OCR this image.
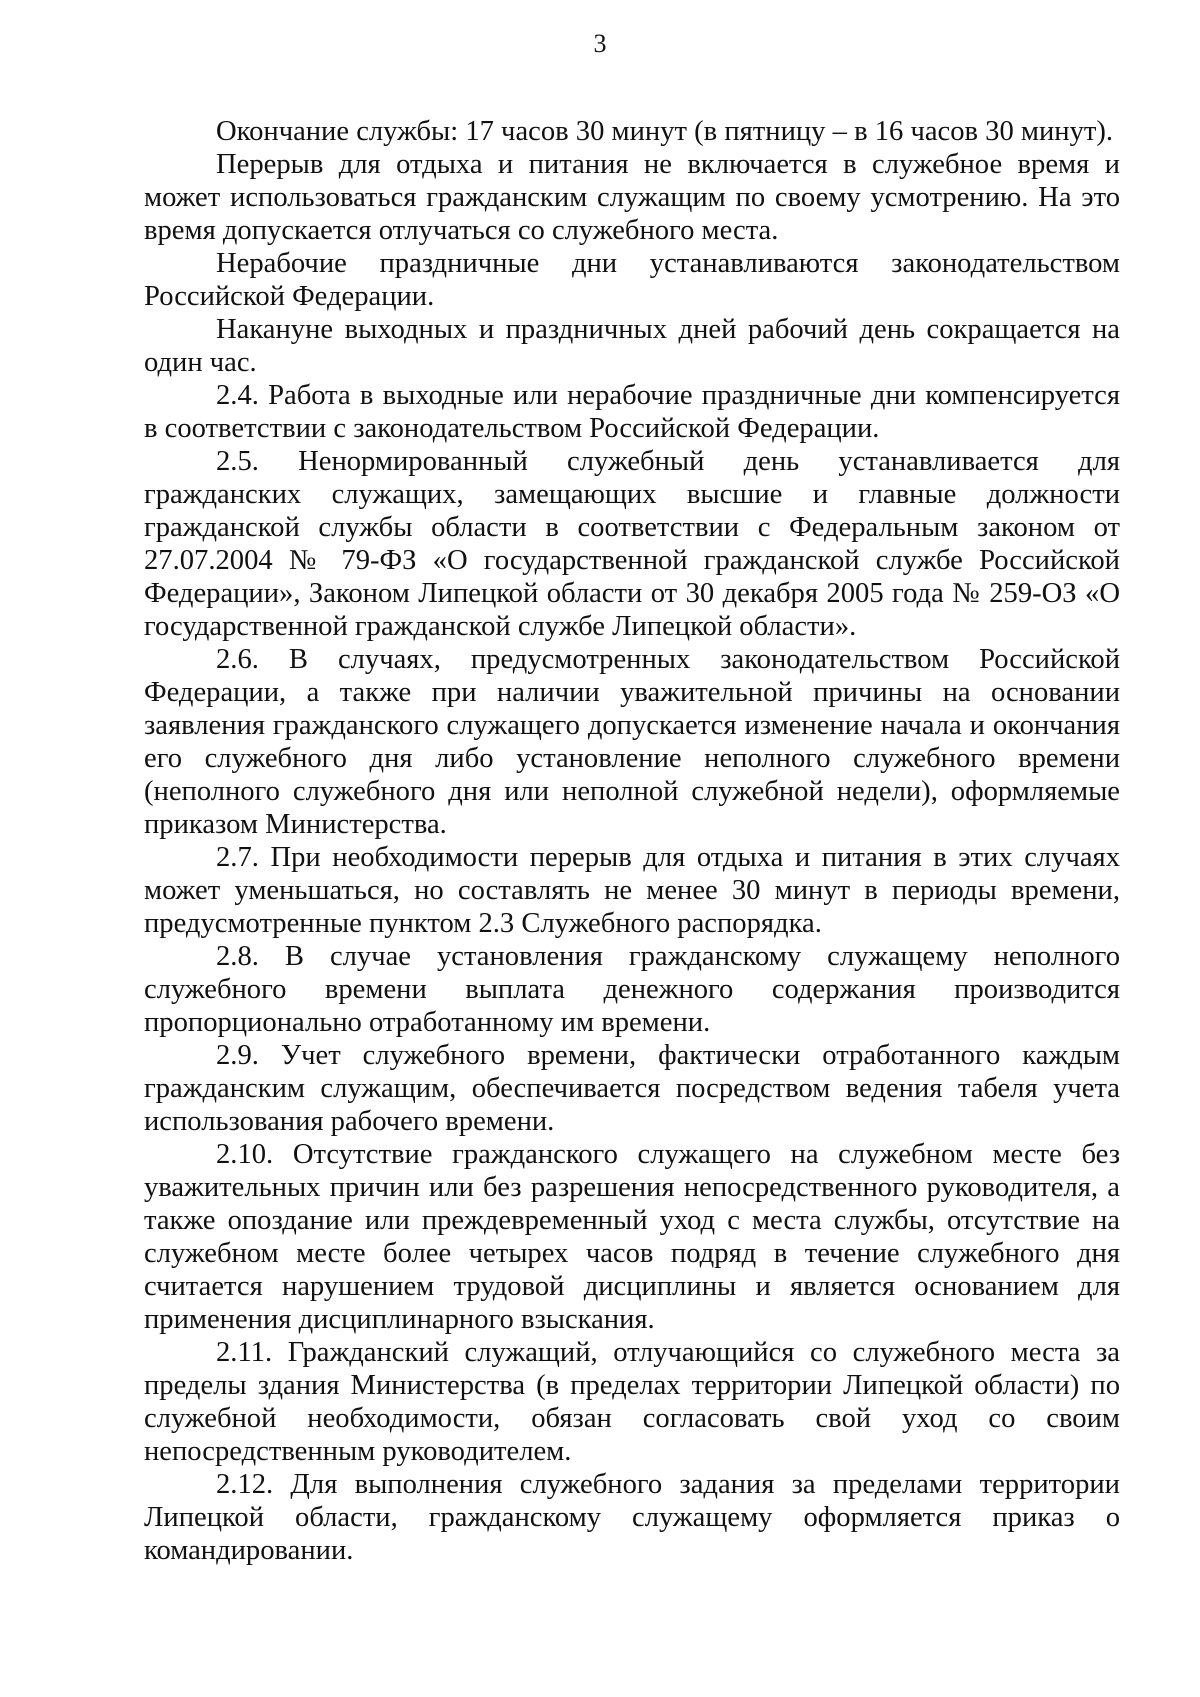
3

Окончание службы: 17 часов 30 минут (в пятницу – в 16 часов 30 минут).

Перерыв для отдыха и питания не включается в служебное время и может использоваться гражданским служащим по своему усмотрению. На это время допускается отлучаться со служебного места.

Нерабочие праздничные дни устанавливаются законодательством Российской Федерации.

Накануне выходных и праздничных дней рабочий день сокращается на один час.

2.4. Работа в выходные или нерабочие праздничные дни компенсируется в соответствии с законодательством Российской Федерации.

2.5. Ненормированный служебный день устанавливается для гражданских служащих, замещающих высшие и главные должности гражданской службы области в соответствии с Федеральным законом от 27.07.2004 № 79-ФЗ «О государственной гражданской службе Российской Федерации», Законом Липецкой области от 30 декабря 2005 года № 259-ОЗ «О государственной гражданской службе Липецкой области».

2.6. В случаях, предусмотренных законодательством Российской Федерации, а также при наличии уважительной причины на основании заявления гражданского служащего допускается изменение начала и окончания его служебного дня либо установление неполного служебного времени (неполного служебного дня или неполной служебной недели), оформляемые приказом Министерства.

2.7. При необходимости перерыв для отдыха и питания в этих случаях может уменьшаться, но составлять не менее 30 минут в периоды времени, предусмотренные пунктом 2.3 Служебного распорядка.

2.8. В случае установления гражданскому служащему неполного служебного времени выплата денежного содержания производится пропорционально отработанному им времени.

2.9. Учет служебного времени, фактически отработанного каждым гражданским служащим, обеспечивается посредством ведения табеля учета использования рабочего времени.

2.10. Отсутствие гражданского служащего на служебном месте без уважительных причин или без разрешения непосредственного руководителя, а также опоздание или преждевременный уход с места службы, отсутствие на служебном месте более четырех часов подряд в течение служебного дня считается нарушением трудовой дисциплины и является основанием для применения дисциплинарного взыскания.

2.11. Гражданский служащий, отлучающийся со служебного места за пределы здания Министерства (в пределах территории Липецкой области) по служебной необходимости, обязан согласовать свой уход со своим непосредственным руководителем.

2.12. Для выполнения служебного задания за пределами территории Липецкой области, гражданскому служащему оформляется приказ о командировании.
